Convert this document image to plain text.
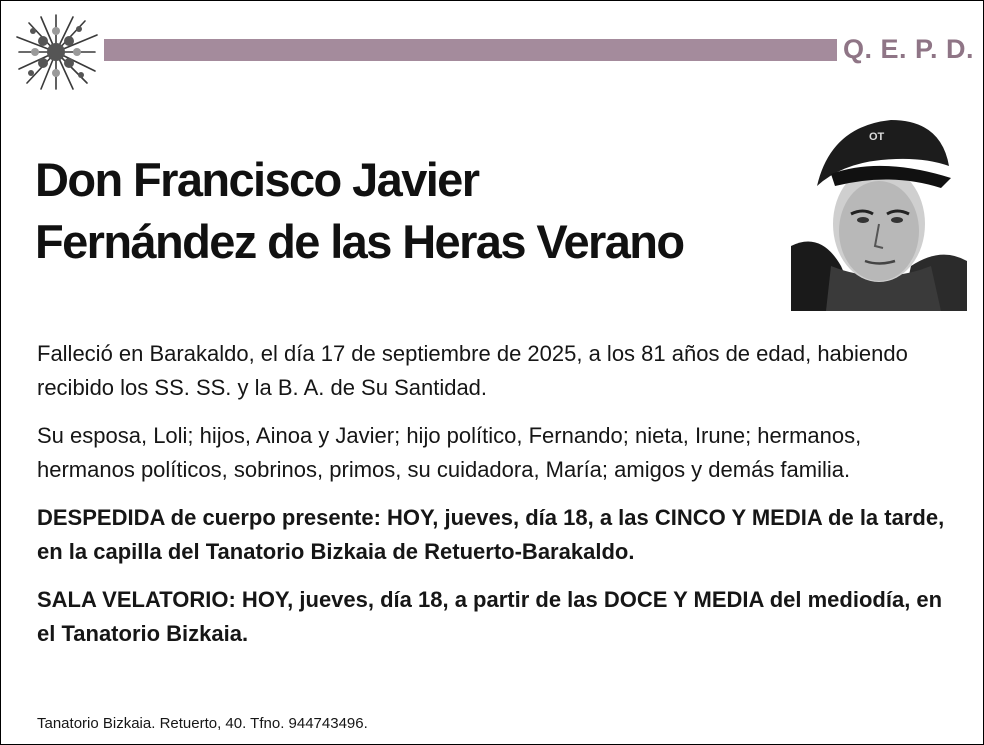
Q. E. P. D.
Don Francisco Javier
Fernández de las Heras Verano
OT

Falleció en Barakaldo, el día 17 de septiembre de 2025, a los 81 años de edad, habiendo recibido los SS. SS. y la B. A. de Su Santidad.

Su esposa, Loli; hijos, Ainoa y Javier; hijo político, Fernando; nieta, Irune; hermanos, hermanos políticos, sobrinos, primos, su cuidadora, María; amigos y demás familia.

DESPEDIDA de cuerpo presente: HOY, jueves, día 18, a las CINCO Y MEDIA de la tarde, en la capilla del Tanatorio Bizkaia de Retuerto-Barakaldo.

SALA VELATORIO: HOY, jueves, día 18, a partir de las DOCE Y MEDIA del mediodía, en el Tanatorio Bizkaia.

Tanatorio Bizkaia. Retuerto, 40. Tfno. 944743496.
